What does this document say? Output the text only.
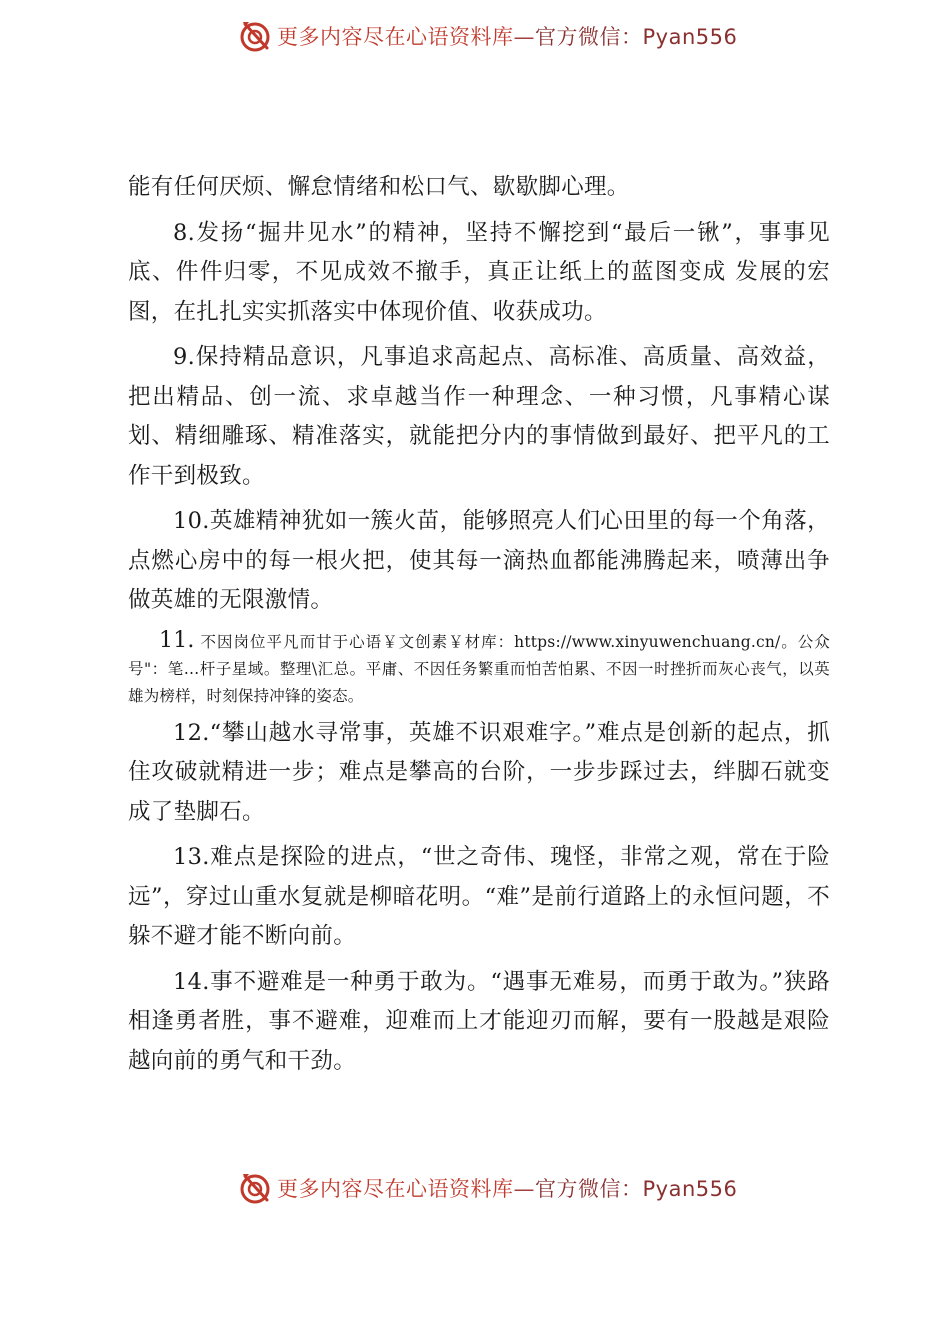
更多内容尽在心语资料库—官方微信：Pyan556

能有任何厌烦、懈怠情绪和松口气、歇歇脚心理。

8.发扬“掘井见水”的精神，坚持不懈挖到“最后一锹”，事事见底、件件归零，不见成效不撤手，真正让纸上的蓝图变成 发展的宏图，在扎扎实实抓落实中体现价值、收获成功。

9.保持精品意识，凡事追求高起点、高标准、高质量、高效益，把出精品、创一流、求卓越当作一种理念、一种习惯，凡事精心谋划、精细雕琢、精准落实，就能把分内的事情做到最好、把平凡的工作干到极致。

10.英雄精神犹如一簇火苗，能够照亮人们心田里的每一个角落，点燃心房中的每一根火把，使其每一滴热血都能沸腾起来，喷薄出争做英雄的无限激情。

11. 不因岗位平凡而甘于心语￥文创素￥材库：https://www.xinyuwenchuang.cn/。公众号"：笔…杆子星域。整理\汇总。平庸、不因任务繁重而怕苦怕累、不因一时挫折而灰心丧气，以英雄为榜样，时刻保持冲锋的姿态。

12.“攀山越水寻常事，英雄不识艰难字。”难点是创新的起点，抓住攻破就精进一步；难点是攀高的台阶，一步步踩过去，绊脚石就变成了垫脚石。

13.难点是探险的进点，“世之奇伟、瑰怪，非常之观，常在于险远”，穿过山重水复就是柳暗花明。“难”是前行道路上的永恒问题，不躲不避才能不断向前。

14.事不避难是一种勇于敢为。“遇事无难易，而勇于敢为。”狭路相逢勇者胜，事不避难，迎难而上才能迎刃而解，要有一股越是艰险越向前的勇气和干劲。

更多内容尽在心语资料库—官方微信：Pyan556
